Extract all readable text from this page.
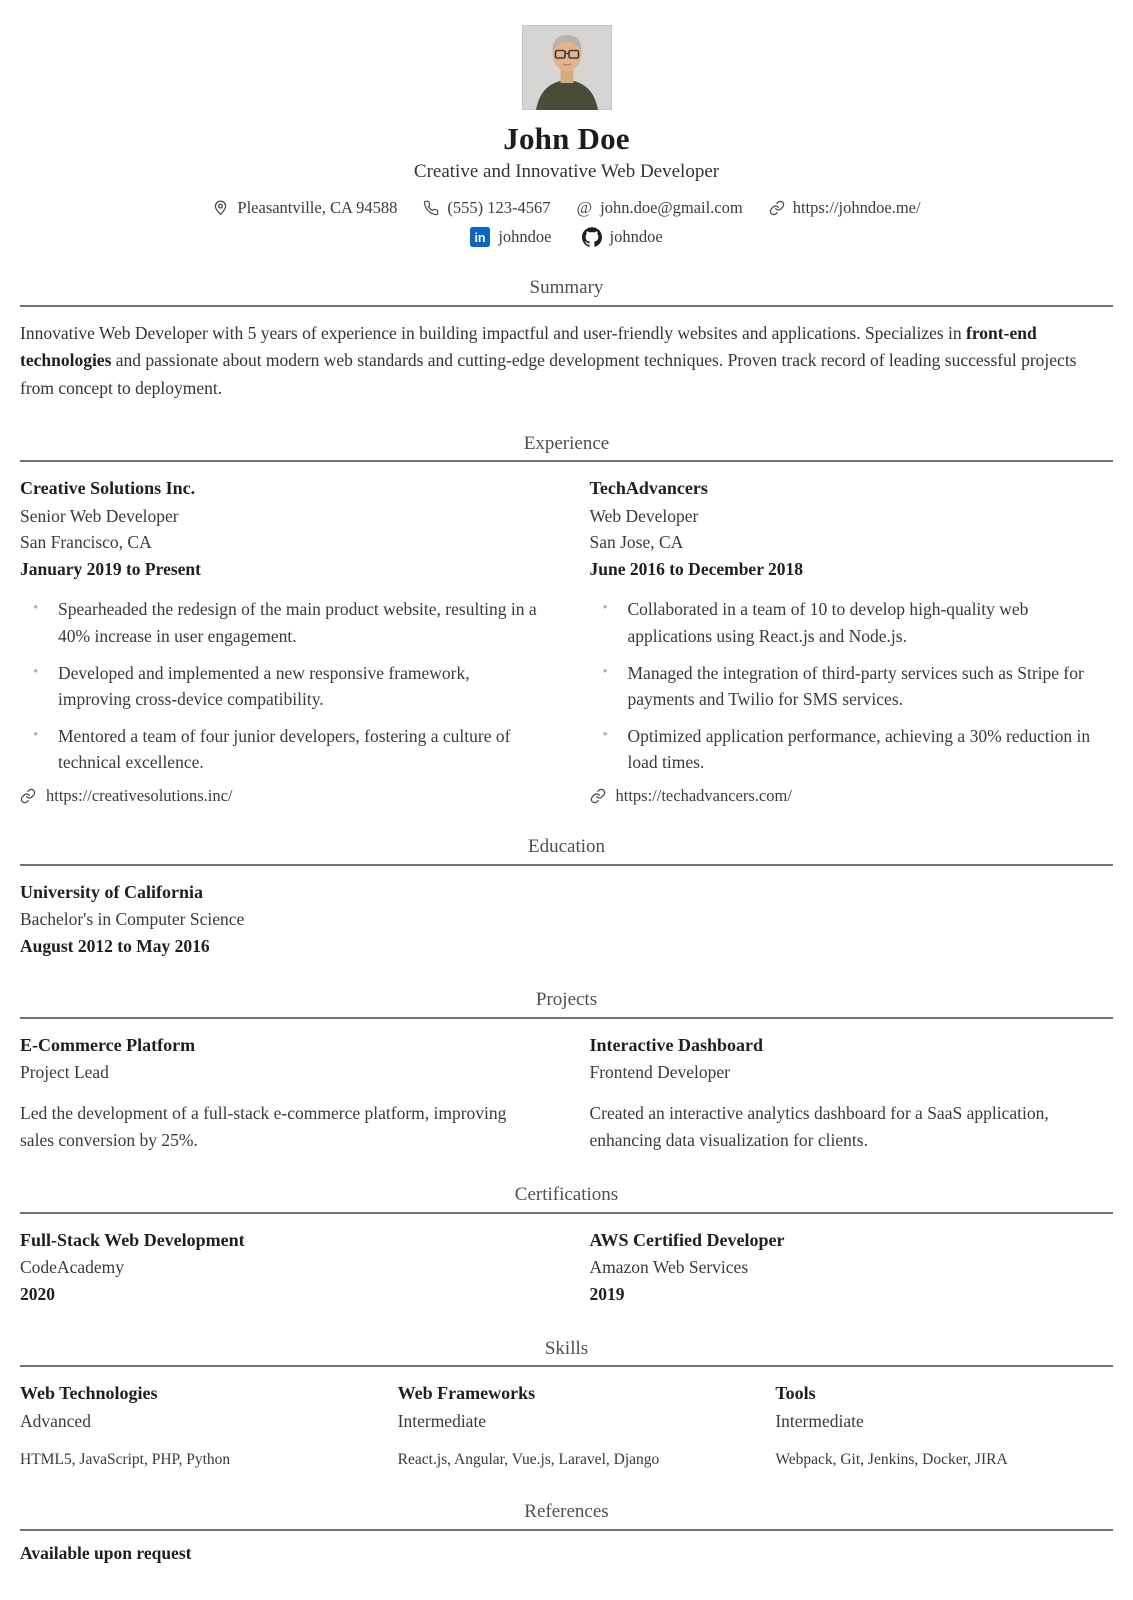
John Doe
Creative and Innovative Web Developer
Pleasantville, CA 94588	(555) 123-4567 @ john.doe@gmail.com	https://johndoe.me/
in johndoe	johndoe
Summary

Innovative Web Developer with 5 years of experience in building impactful and user-friendly websites and applications. Specializes in front-end technologies and passionate about modern web standards and cutting-edge development techniques. Proven track record of leading successful projects from concept to deployment.

Experience
Creative Solutions Inc.
Senior Web Developer
San Francisco, CA
January 2019 to Present
• Spearheaded the redesign of the main product website, resulting in a 40% increase in user engagement.
• Developed and implemented a new responsive framework, improving cross-device compatibility.
• Mentored a team of four junior developers, fostering a culture of technical excellence.
https://creativesolutions.inc/
TechAdvancers
Web Developer
San Jose, CA
June 2016 to December 2018
• Collaborated in a team of 10 to develop high-quality web applications using React.js and Node.js.
• Managed the integration of third-party services such as Stripe for payments and Twilio for SMS services.
• Optimized application performance, achieving a 30% reduction in load times.
https://techadvancers.com/
Education
University of California
Bachelor's in Computer Science
August 2012 to May 2016
Projects
E-Commerce Platform
Project Lead

Led the development of a full-stack e-commerce platform, improving sales conversion by 25%.

Interactive Dashboard
Frontend Developer

Created an interactive analytics dashboard for a SaaS application, enhancing data visualization for clients.

Certifications
Full-Stack Web Development
CodeAcademy
2020
AWS Certified Developer
Amazon Web Services
2019
Skills
Web Technologies
Advanced
HTML5, JavaScript, PHP, Python
Web Frameworks
Intermediate
React.js, Angular, Vue.js, Laravel, Django
Tools
Intermediate
Webpack, Git, Jenkins, Docker, JIRA
References
Available upon request
